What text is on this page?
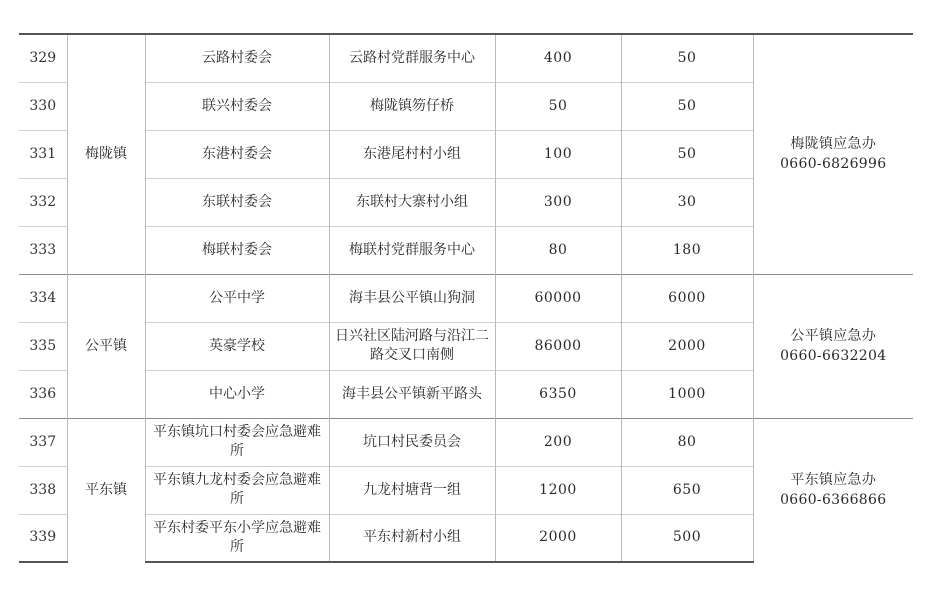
329	梅陇镇	云路村委会	云路村党群服务中心	400	50	梅陇镇应急办
0660-6826996

330		联兴村委会	梅陇镇笏仔桥	50	50	
331		东港村委会	东港尾村村小组	100	50	
332		东联村委会	东联村大寨村小组	300	30	
333		梅联村委会	梅联村党群服务中心	80	180	
334	公平镇	公平中学	海丰县公平镇山狗洞	60000	6000	公平镇应急办
0660-6632204

335		英豪学校	日兴社区陆河路与沿江二路交叉口南侧	86000	2000	
336		中心小学	海丰县公平镇新平路头	6350	1000	
337	平东镇	平东镇坑口村委会应急避难所	坑口村民委员会	200	80	平东镇应急办
0660-6366866

338		平东镇九龙村委会应急避难所	九龙村塘背一组	1200	650	
339		平东村委平东小学应急避难所	平东村新村小组	2000	500	
